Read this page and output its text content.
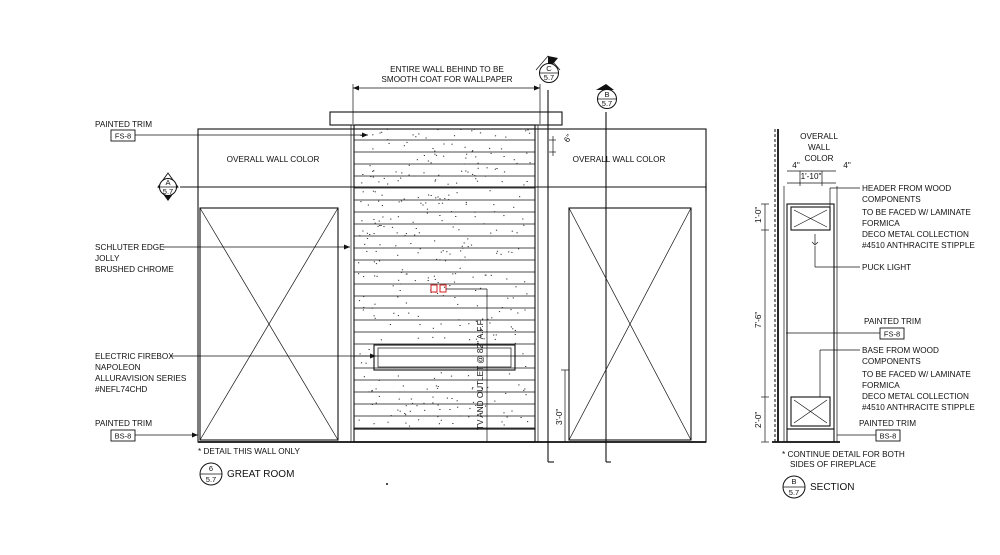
TV AND OUTLET @ 82" A.F.F.	3'-0"
6"
ENTIRE WALL BEHIND TO BE
SMOOTH COAT FOR WALLPAPER
OVERALL WALL COLOR	OVERALL WALL COLOR
C
5.7
B
5.7
A
5.7
PAINTED TRIM
FS-8
SCHLUTER EDGE
JOLLY
BRUSHED CHROME
ELECTRIC FIREBOX
NAPOLEON
ALLURAVISION SERIES
#NEFL74CHD
PAINTED TRIM
BS-8
* DETAIL THIS WALL ONLY
6
5.7 GREAT ROOM
OVERALL
WALL
COLOR
4"	4"
1'-10"
1'-0"
7'-6"
2'-0"
HEADER FROM WOOD
COMPONENTS
TO BE FACED W/ LAMINATE
FORMICA
DECO METAL COLLECTION
#4510 ANTHRACITE STIPPLE
PUCK LIGHT
PAINTED TRIM
FS-8
BASE FROM WOOD
COMPONENTS
TO BE FACED W/ LAMINATE
FORMICA
DECO METAL COLLECTION
#4510 ANTHRACITE STIPPLE
PAINTED TRIM
BS-8
* CONTINUE DETAIL FOR BOTH
SIDES OF FIREPLACE
B
5.7 SECTION
